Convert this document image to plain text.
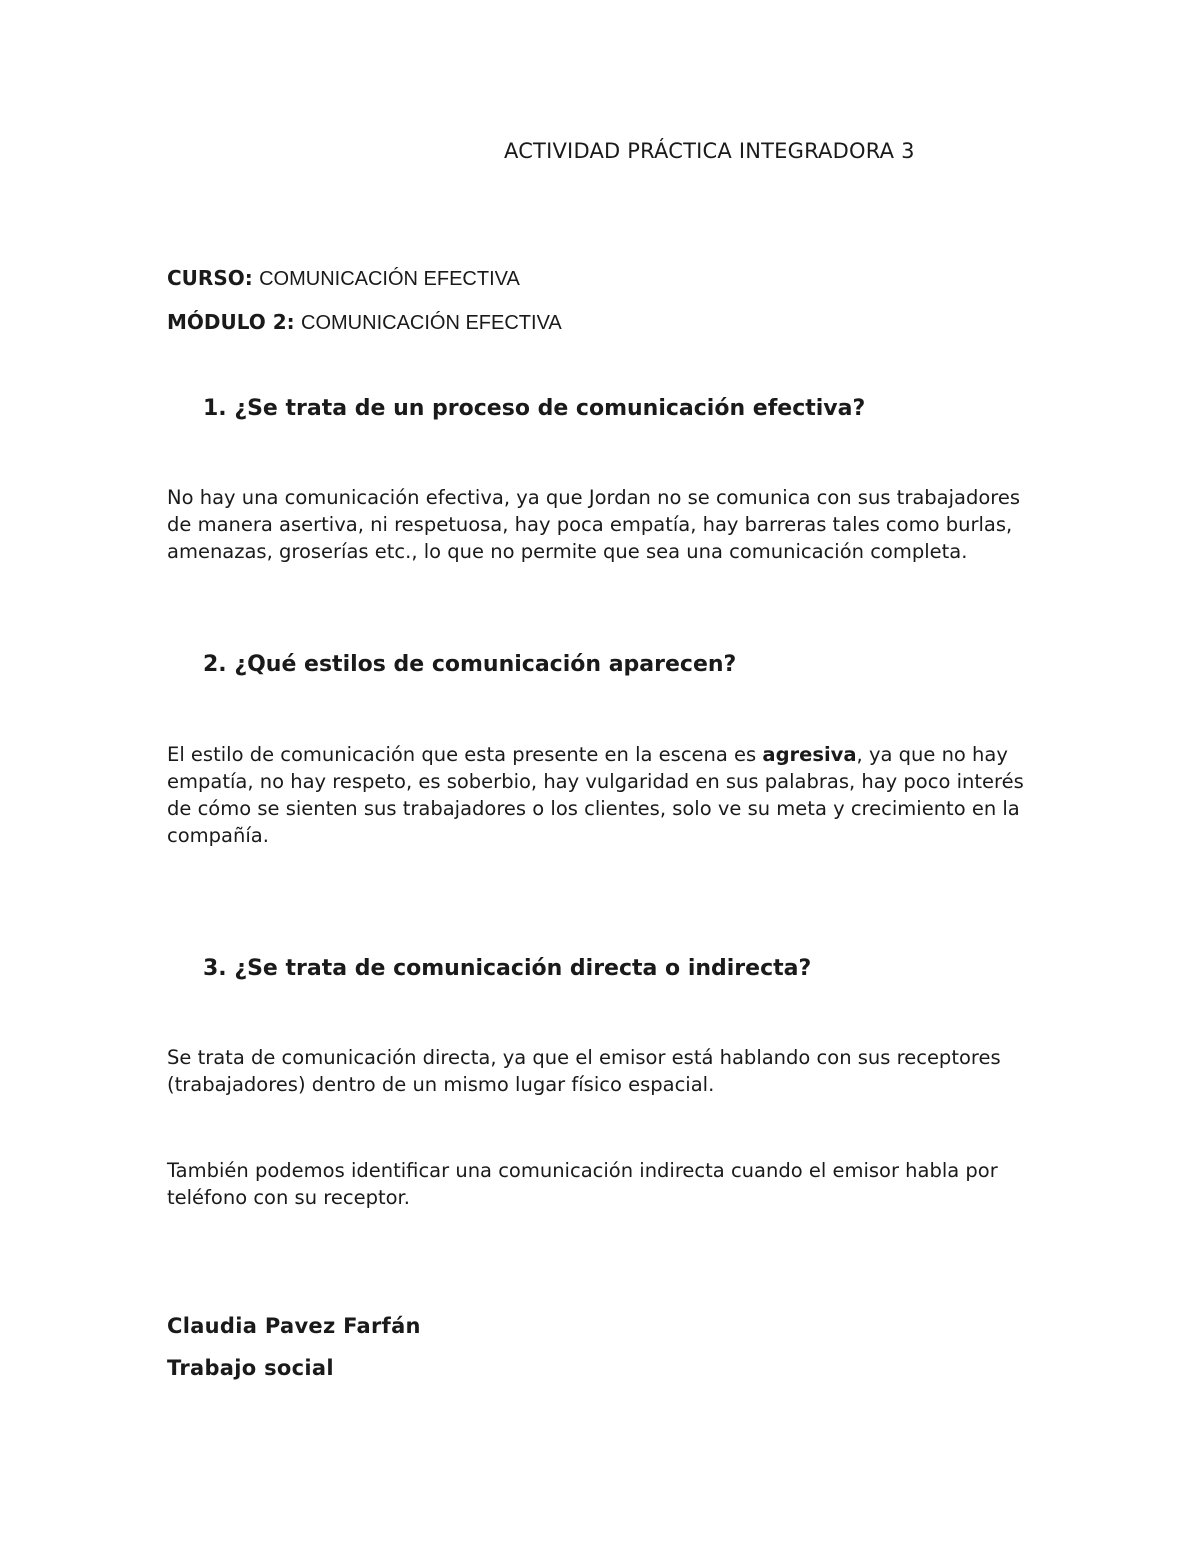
ACTIVIDAD PRÁCTICA INTEGRADORA 3
CURSO: COMUNICACIÓN EFECTIVA
MÓDULO 2: COMUNICACIÓN EFECTIVA
1. ¿Se trata de un proceso de comunicación efectiva?
No hay una comunicación efectiva, ya que Jordan no se comunica con sus trabajadores de manera asertiva, ni respetuosa, hay poca empatía, hay barreras tales como burlas, amenazas, groserías etc., lo que no permite que sea una comunicación completa.
2. ¿Qué estilos de comunicación aparecen?
El estilo de comunicación que esta presente en la escena es agresiva, ya que no hay empatía, no hay respeto, es soberbio, hay vulgaridad en sus palabras, hay poco interés de cómo se sienten sus trabajadores o los clientes, solo ve su meta y crecimiento en la compañía.
3. ¿Se trata de comunicación directa o indirecta?
Se trata de comunicación directa, ya que el emisor está hablando con sus receptores (trabajadores) dentro de un mismo lugar físico espacial.
También podemos identificar una comunicación indirecta cuando el emisor habla por teléfono con su receptor.
Claudia Pavez Farfán
Trabajo social
